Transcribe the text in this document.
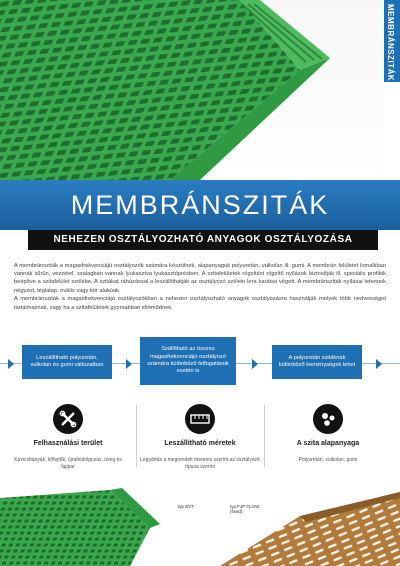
MEMBRÁNSZITÁK
MEMBRÁNSZITÁK
NEHEZEN OSZTÁLYOZHATÓ ANYAGOK OSZTÁLYOZÁSA

A membránsziták a magasfrekvenciájú osztályozók számára készülnek, alapanyaguk polyuretán, vulkolan ill. gumi. A membrán felületet lomalkban vannak sűrűn, vezzétel, szalagban vannak lyukasztva lyukasztóprésben. A szitafelületek rögzítést rögzítő nyílások biztosítják ill. speciális profilok beépítve a szitafelület szélébe. A szitákat ráhúzással a leszállíthatják az osztályozó szélein lera karátsa végett. A membránsziták nyílásai lehetnek négyzet, téglalap, ovális vagy kör alakúak.

A membránsziták a magasfrekvenciájú osztályozókban a nehezen osztályozható anyagok osztályozásra használják melyek több nedvességet tartalmaznak, vagy ha a szitafelületek gyorsabban eltömődnek.

Leszállítható polyuretán, vulkolan és gumi változatban
Szállítható az összes magasfrekvenciájú osztályozó számára különböző felfogatások esetén is
A polyuretán szitáknak különböző keménységek lehet
Felhasználási terület
Kavicsbányák, kőfejtők, újrafeldolgozás, üveg és fajipar
Leszállítható méretek
Legyártás a megrendelt méretek szerint az osztályozó típusa szerint
A szita alapanyaga
Polyuretán, vulkolan, gumi
typ BVT	typ FJP FLOW (fixed)
